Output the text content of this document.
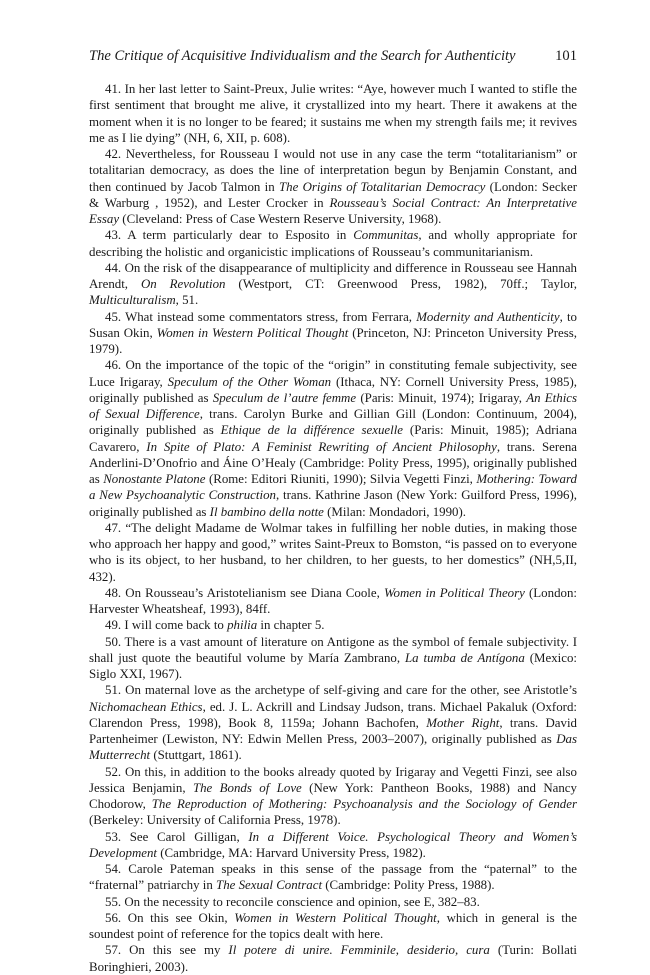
The Critique of Acquisitive Individualism and the Search for Authenticity	101

41. In her last letter to Saint-Preux, Julie writes: “Aye, however much I wanted to stifle the first sentiment that brought me alive, it crystallized into my heart. There it awakens at the moment when it is no longer to be feared; it sustains me when my strength fails me; it revives me as I lie dying” (NH, 6, XII, p. 608).

42. Nevertheless, for Rousseau I would not use in any case the term “totalitarianism” or totalitarian democracy, as does the line of interpretation begun by Benjamin Constant, and then continued by Jacob Talmon in The Origins of Totalitarian Democracy (London: Secker & Warburg , 1952), and Lester Crocker in Rousseau’s Social Contract: An Interpretative Essay (Cleveland: Press of Case Western Reserve University, 1968).

43. A term particularly dear to Esposito in Communitas, and wholly appropriate for describing the holistic and organicistic implications of Rousseau’s communitarianism.

44. On the risk of the disappearance of multiplicity and difference in Rousseau see Hannah Arendt, On Revolution (Westport, CT: Greenwood Press, 1982), 70ff.; Taylor, Multiculturalism, 51.

45. What instead some commentators stress, from Ferrara, Modernity and Authenticity, to Susan Okin, Women in Western Political Thought (Princeton, NJ: Princeton University Press, 1979).

46. On the importance of the topic of the “origin” in constituting female subjectivity, see Luce Irigaray, Speculum of the Other Woman (Ithaca, NY: Cornell University Press, 1985), originally published as Speculum de l’autre femme (Paris: Minuit, 1974); Irigaray, An Ethics of Sexual Difference, trans. Carolyn Burke and Gillian Gill (London: Continuum, 2004), originally published as Ethique de la différence sexuelle (Paris: Minuit, 1985); Adriana Cavarero, In Spite of Plato: A Feminist Rewriting of Ancient Philosophy, trans. Serena Anderlini-D’Onofrio and Áine O’Healy (Cambridge: Polity Press, 1995), originally published as Nonostante Platone (Rome: Editori Riuniti, 1990); Silvia Vegetti Finzi, Mothering: Toward a New Psychoanalytic Construction, trans. Kathrine Jason (New York: Guilford Press, 1996), originally published as Il bambino della notte (Milan: Mondadori, 1990).

47. “The delight Madame de Wolmar takes in fulfilling her noble duties, in making those who approach her happy and good,” writes Saint-Preux to Bomston, “is passed on to everyone who is its object, to her husband, to her children, to her guests, to her domestics” (NH,5,II, 432).

48. On Rousseau’s Aristotelianism see Diana Coole, Women in Political Theory (London: Harvester Wheatsheaf, 1993), 84ff.

49. I will come back to philia in chapter 5.

50. There is a vast amount of literature on Antigone as the symbol of female subjectivity. I shall just quote the beautiful volume by María Zambrano, La tumba de Antígona (Mexico: Siglo XXI, 1967).

51. On maternal love as the archetype of self-giving and care for the other, see Aristotle’s Nichomachean Ethics, ed. J. L. Ackrill and Lindsay Judson, trans. Michael Pakaluk (Oxford: Clarendon Press, 1998), Book 8, 1159a; Johann Bachofen, Mother Right, trans. David Partenheimer (Lewiston, NY: Edwin Mellen Press, 2003–2007), originally published as Das Mutterrecht (Stuttgart, 1861).

52. On this, in addition to the books already quoted by Irigaray and Vegetti Finzi, see also Jessica Benjamin, The Bonds of Love (New York: Pantheon Books, 1988) and Nancy Chodorow, The Reproduction of Mothering: Psychoanalysis and the Sociology of Gender (Berkeley: University of California Press, 1978).

53. See Carol Gilligan, In a Different Voice. Psychological Theory and Women’s Development (Cambridge, MA: Harvard University Press, 1982).

54. Carole Pateman speaks in this sense of the passage from the “paternal” to the “fraternal” patriarchy in The Sexual Contract (Cambridge: Polity Press, 1988).

55. On the necessity to reconcile conscience and opinion, see E, 382–83.

56. On this see Okin, Women in Western Political Thought, which in general is the soundest point of reference for the topics dealt with here.

57. On this see my Il potere di unire. Femminile, desiderio, cura (Turin: Bollati Boringhieri, 2003).
